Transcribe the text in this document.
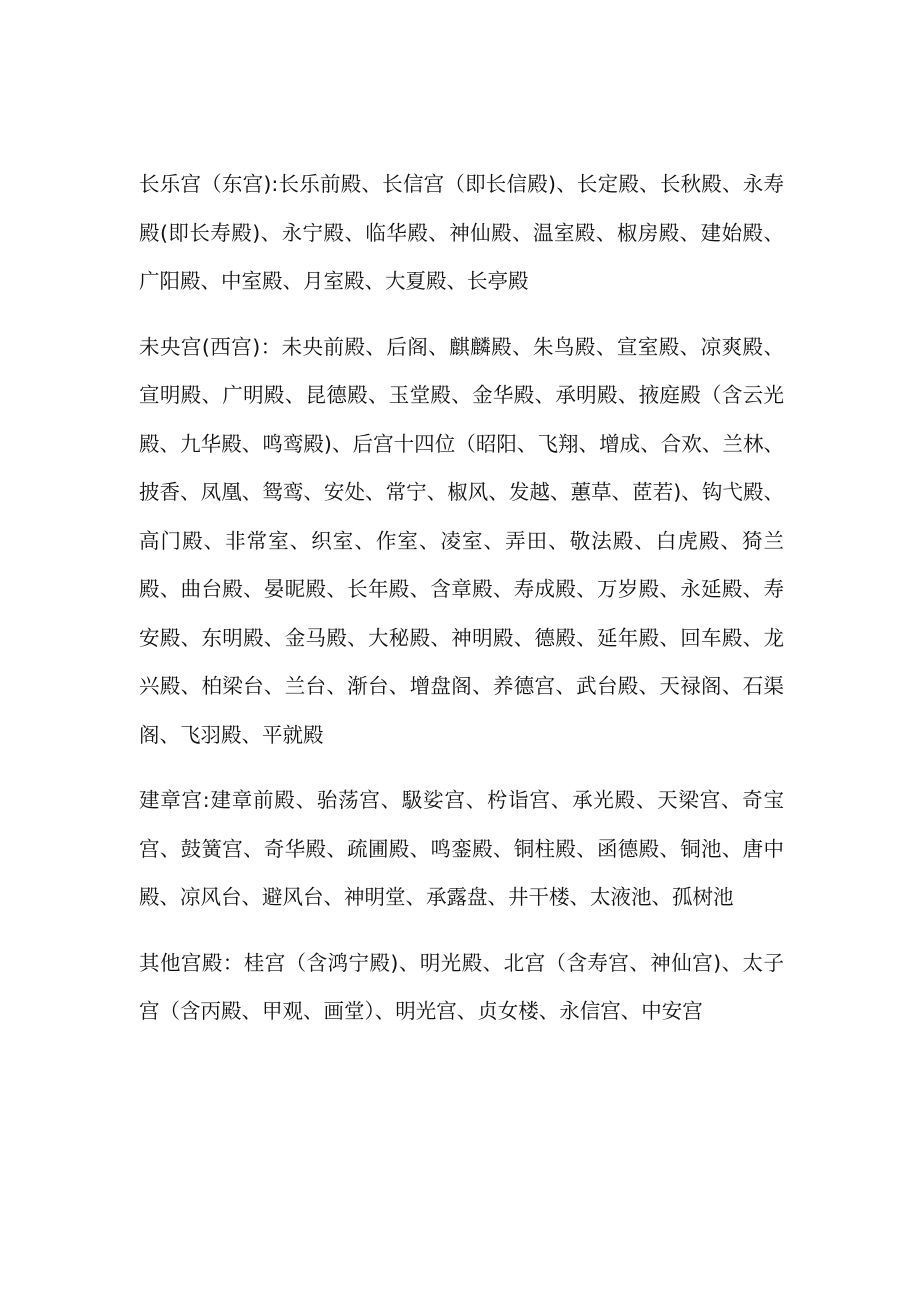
长乐宫（东宫):长乐前殿、长信宫（即长信殿)、长定殿、长秋殿、永寿殿(即长寿殿)、永宁殿、临华殿、神仙殿、温室殿、椒房殿、建始殿、广阳殿、中室殿、月室殿、大夏殿、长亭殿

未央宫(西宫)：未央前殿、后阁、麒麟殿、朱鸟殿、宣室殿、凉爽殿、宣明殿、广明殿、昆德殿、玉堂殿、金华殿、承明殿、掖庭殿（含云光殿、九华殿、鸣鸾殿)、后宫十四位（昭阳、飞翔、增成、合欢、兰林、披香、凤凰、鸳鸾、安处、常宁、椒风、发越、蕙草、茝若)、钩弋殿、高门殿、非常室、织室、作室、凌室、弄田、敬法殿、白虎殿、猗兰殿、曲台殿、晏昵殿、长年殿、含章殿、寿成殿、万岁殿、永延殿、寿安殿、东明殿、金马殿、大秘殿、神明殿、德殿、延年殿、回车殿、龙兴殿、柏梁台、兰台、渐台、增盘阁、养德宫、武台殿、天禄阁、石渠阁、飞羽殿、平就殿

建章宫:建章前殿、骀荡宫、馺娑宫、枍诣宫、承光殿、天梁宫、奇宝宫、鼓簧宫、奇华殿、疏圃殿、鸣銮殿、铜柱殿、函德殿、铜池、唐中殿、凉风台、避风台、神明堂、承露盘、井干楼、太液池、孤树池

其他宫殿：桂宫（含鸿宁殿)、明光殿、北宫（含寿宫、神仙宫)、太子宫（含丙殿、甲观、画堂）、明光宫、贞女楼、永信宫、中安宫
